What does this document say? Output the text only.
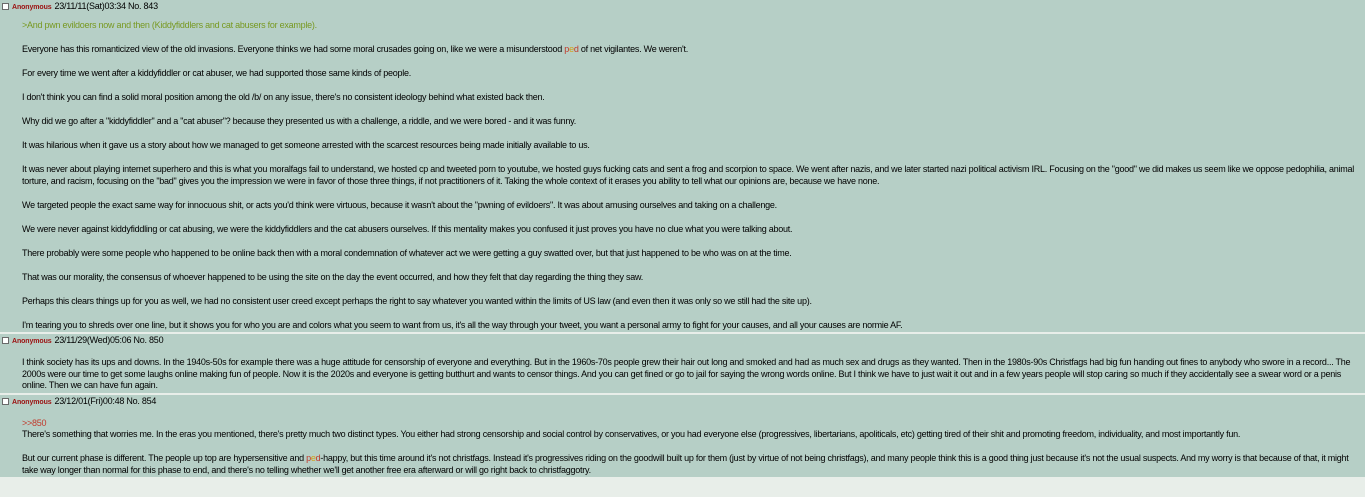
Anonymous 23/11/11(Sat)03:34 No. 843

>And pwn evildoers now and then (Kiddyfiddlers and cat abusers for example).

Everyone has this romanticized view of the old invasions. Everyone thinks we had some moral crusades going on, like we were a misunderstood ped of net vigilantes. We weren't.

For every time we went after a kiddyfiddler or cat abuser, we had supported those same kinds of people.

I don't think you can find a solid moral position among the old /b/ on any issue, there's no consistent ideology behind what existed back then.

Why did we go after a "kiddyfiddler" and a "cat abuser"? because they presented us with a challenge, a riddle, and we were bored - and it was funny.

It was hilarious when it gave us a story about how we managed to get someone arrested with the scarcest resources being made initially available to us.

It was never about playing internet superhero and this is what you moralfags fail to understand, we hosted cp and tweeted porn to youtube, we hosted guys fucking cats and sent a frog and scorpion to space. We went after nazis, and we later started nazi political activism IRL. Focusing on the "good" we did makes us seem like we oppose pedophilia, animal torture, and racism, focusing on the "bad" gives you the impression we were in favor of those three things, if not practitioners of it. Taking the whole context of it erases you ability to tell what our opinions are, because we have none.

We targeted people the exact same way for innocuous shit, or acts you'd think were virtuous, because it wasn't about the "pwning of evildoers". It was about amusing ourselves and taking on a challenge.

We were never against kiddyfiddling or cat abusing, we were the kiddyfiddlers and the cat abusers ourselves. If this mentality makes you confused it just proves you have no clue what you were talking about.

There probably were some people who happened to be online back then with a moral condemnation of whatever act we were getting a guy swatted over, but that just happened to be who was on at the time.

That was our morality, the consensus of whoever happened to be using the site on the day the event occurred, and how they felt that day regarding the thing they saw.

Perhaps this clears things up for you as well, we had no consistent user creed except perhaps the right to say whatever you wanted within the limits of US law (and even then it was only so we still had the site up).

I'm tearing you to shreds over one line, but it shows you for who you are and colors what you seem to want from us, it's all the way through your tweet, you want a personal army to fight for your causes, and all your causes are normie AF.

Anonymous 23/11/29(Wed)05:06 No. 850

I think society has its ups and downs. In the 1940s-50s for example there was a huge attitude for censorship of everyone and everything. But in the 1960s-70s people grew their hair out long and smoked and had as much sex and drugs as they wanted. Then in the 1980s-90s Christfags had big fun handing out fines to anybody who swore in a record... The 2000s were our time to get some laughs online making fun of people. Now it is the 2020s and everyone is getting butthurt and wants to censor things. And you can get fined or go to jail for saying the wrong words online. But I think we have to just wait it out and in a few years people will stop caring so much if they accidentally see a swear word or a penis online. Then we can have fun again.

Anonymous 23/12/01(Fri)00:48 No. 854

>>850

There's something that worries me. In the eras you mentioned, there's pretty much two distinct types. You either had strong censorship and social control by conservatives, or you had everyone else (progressives, libertarians, apoliticals, etc) getting tired of their shit and promoting freedom, individuality, and most importantly fun.

But our current phase is different. The people up top are hypersensitive and ped-happy, but this time around it's not christfags. Instead it's progressives riding on the goodwill built up for them (just by virtue of not being christfags), and many people think this is a good thing just because it's not the usual suspects. And my worry is that because of that, it might take way longer than normal for this phase to end, and there's no telling whether we'll get another free era afterward or will go right back to christfaggotry.
